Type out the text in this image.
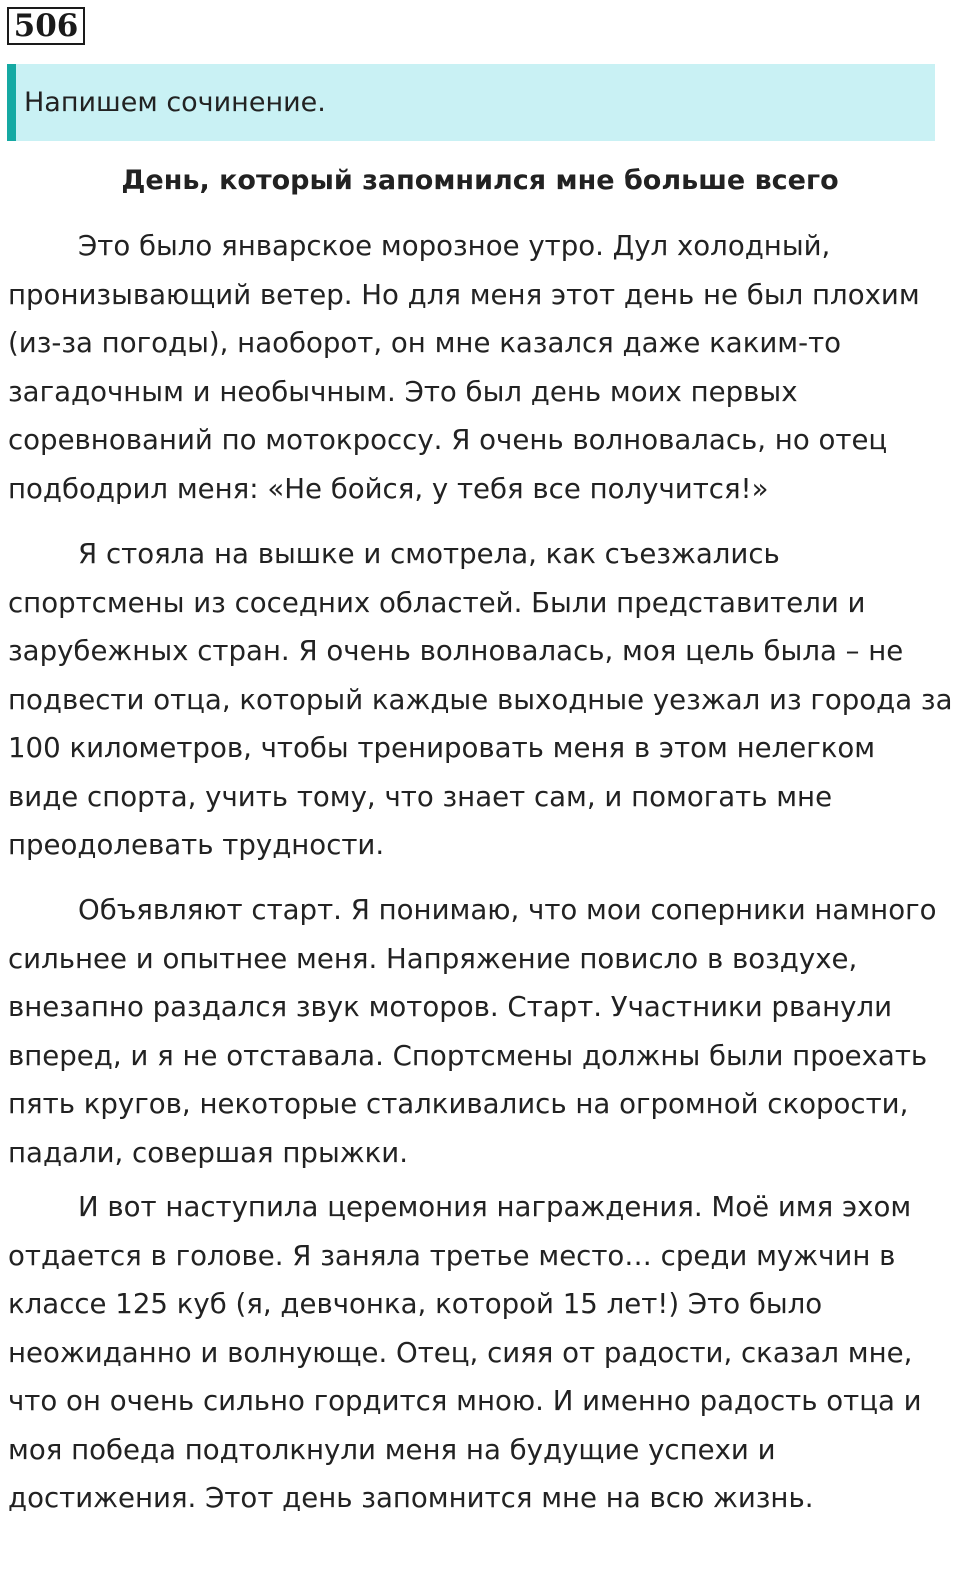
506
Напишем сочинение.
День, который запомнился мне больше всего

Это было январское морозное утро. Дул холодный, пронизывающий ветер. Но для меня этот день не был плохим (из-за погоды), наоборот, он мне казался даже каким-то загадочным и необычным. Это был день моих первых соревнований по мотокроссу. Я очень волновалась, но отец подбодрил меня: «Не бойся, у тебя все получится!»

Я стояла на вышке и смотрела, как съезжались спортсмены из соседних областей. Были представители и зарубежных стран. Я очень волновалась, моя цель была – не подвести отца, который каждые выходные уезжал из города за 100 километров, чтобы тренировать меня в этом нелегком виде спорта, учить тому, что знает сам, и помогать мне преодолевать трудности.

Объявляют старт. Я понимаю, что мои соперники намного сильнее и опытнее меня. Напряжение повисло в воздухе, внезапно раздался звук моторов. Старт. Участники рванули вперед, и я не отставала. Спортсмены должны были проехать пять кругов, некоторые сталкивались на огромной скорости, падали, совершая прыжки.

И вот наступила церемония награждения. Моё имя эхом отдается в голове. Я заняла третье место… среди мужчин в классе 125 куб (я, девчонка, которой 15 лет!) Это было неожиданно и волнующе. Отец, сияя от радости, сказал мне, что он очень сильно гордится мною. И именно радость отца и моя победа подтолкнули меня на будущие успехи и достижения. Этот день запомнится мне на всю жизнь.
